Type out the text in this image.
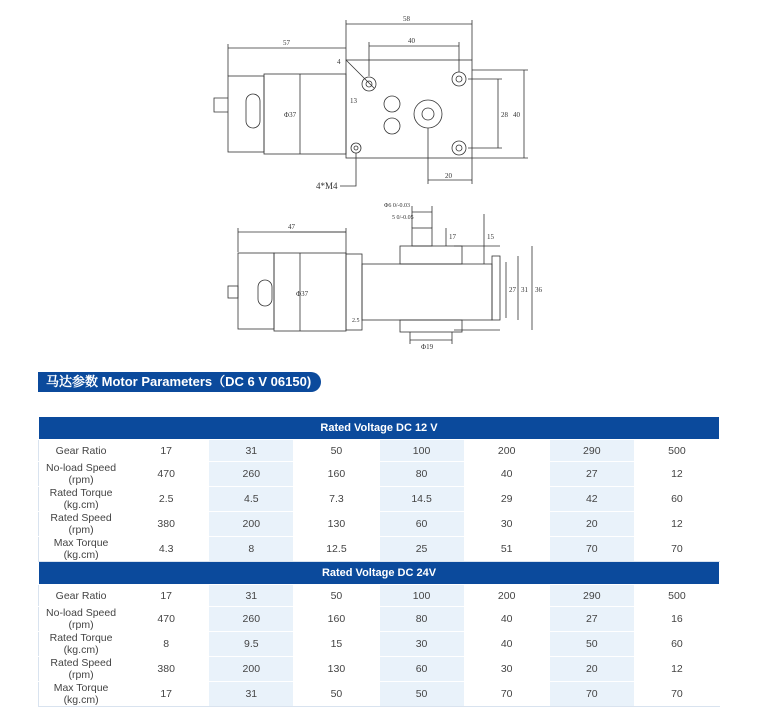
57
58
40
28 40
20
4
13
Φ37
4*M4
47
Φ6 0/-0.03
5 0/-0.05
17	15
27 31 36
Φ37
Φ19
2.5
马达参数 Motor Parameters（DC 6 V 06150)
Rated Voltage DC 12 V							
Gear Ratio	17	31	50	100	200	290	500
No-load Speed (rpm)	470	260	160	80	40	27	12
Rated Torque (kg.cm)	2.5	4.5	7.3	14.5	29	42	60
Rated Speed (rpm)	380	200	130	60	30	20	12
Max Torque (kg.cm)	4.3	8	12.5	25	51	70	70
Rated Voltage DC 24V							
Gear Ratio	17	31	50	100	200	290	500
No-load Speed (rpm)	470	260	160	80	40	27	16
Rated Torque (kg.cm)	8	9.5	15	30	40	50	60
Rated Speed (rpm)	380	200	130	60	30	20	12
Max Torque (kg.cm)	17	31	50	50	70	70	70
